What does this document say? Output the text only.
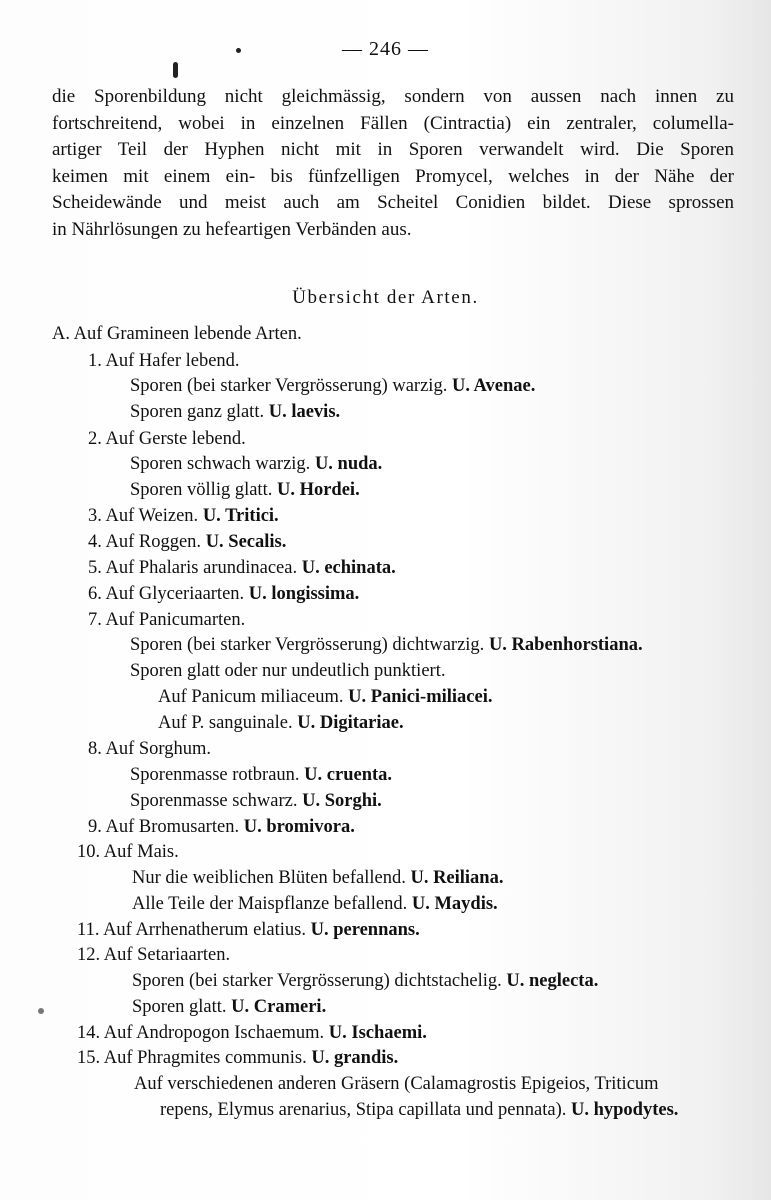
— 246 —
die Sporenbildung nicht gleichmässig, sondern von aussen nach innen zu
fortschreitend, wobei in einzelnen Fällen (Cintractia) ein zentraler, columella-
artiger Teil der Hyphen nicht mit in Sporen verwandelt wird. Die Sporen
keimen mit einem ein- bis fünfzelligen Promycel, welches in der Nähe der
Scheidewände und meist auch am Scheitel Conidien bildet. Diese sprossen
in Nährlösungen zu hefeartigen Verbänden aus.
Übersicht der Arten.
A. Auf Gramineen lebende Arten.
1. Auf Hafer lebend.
Sporen (bei starker Vergrösserung) warzig. U. Avenae.
Sporen ganz glatt. U. laevis.
2. Auf Gerste lebend.
Sporen schwach warzig. U. nuda.
Sporen völlig glatt. U. Hordei.
3. Auf Weizen. U. Tritici.
4. Auf Roggen. U. Secalis.
5. Auf Phalaris arundinacea. U. echinata.
6. Auf Glyceriaarten. U. longissima.
7. Auf Panicumarten.
Sporen (bei starker Vergrösserung) dichtwarzig. U. Rabenhorstiana.
Sporen glatt oder nur undeutlich punktiert.
Auf Panicum miliaceum. U. Panici-miliacei.
Auf P. sanguinale. U. Digitariae.
8. Auf Sorghum.
Sporenmasse rotbraun. U. cruenta.
Sporenmasse schwarz. U. Sorghi.
9. Auf Bromusarten. U. bromivora.
10. Auf Mais.
Nur die weiblichen Blüten befallend. U. Reiliana.
Alle Teile der Maispflanze befallend. U. Maydis.
11. Auf Arrhenatherum elatius. U. perennans.
12. Auf Setariaarten.
Sporen (bei starker Vergrösserung) dichtstachelig. U. neglecta.
Sporen glatt. U. Crameri.
14. Auf Andropogon Ischaemum. U. Ischaemi.
15. Auf Phragmites communis. U. grandis.
Auf verschiedenen anderen Gräsern (Calamagrostis Epigeios, Triticum
repens, Elymus arenarius, Stipa capillata und pennata). U. hypodytes.
